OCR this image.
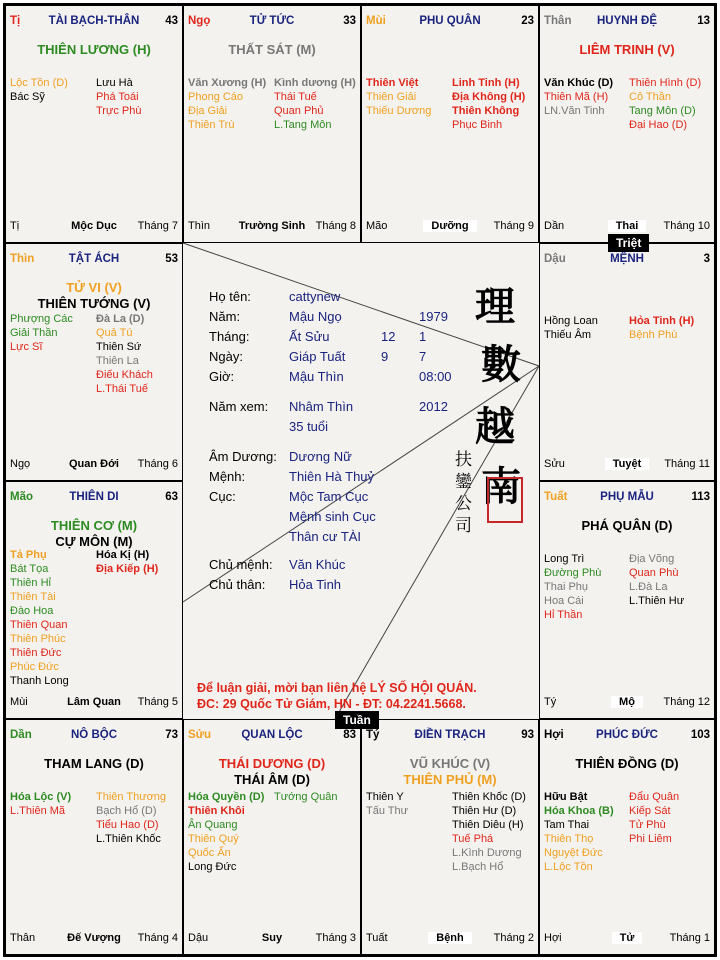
Tị	TÀI BẠCH-THÂN	43
THIÊN LƯƠNG (H)
Lộc Tồn (D)
Bác Sỹ
Lưu Hà
Phá Toái
Trực Phù
Tị	Mộc Dục	Tháng 7
Ngọ	TỬ TỨC	33
THẤT SÁT (M)
Văn Xương (H)
Phong Cáo
Địa Giải
Thiên Trù
Kình dương (H)
Thái Tuế
Quan Phủ
L.Tang Môn
Thìn	Trường Sinh Tháng 8
Mùi	PHU QUÂN	23
Thiên Việt
Thiên Giải
Thiếu Dương
Linh Tinh (H)
Địa Không (H)
Thiên Không
Phục Binh
Mão	Dưỡng	Tháng 9
Thân	HUYNH ĐỆ	13
LIÊM TRINH (V)
Văn Khúc (D)
Thiên Mã (H)
LN.Văn Tinh
Thiên Hình (D)
Cô Thần
Tang Môn (D)
Đại Hao (D)
Dần	Thai	Tháng 10
Dậu	MỆNH	3
Hồng Loan
Thiếu Âm
Hỏa Tinh (H)
Bệnh Phù
Sửu	Tuyệt	Tháng 11
Tuất	PHỤ MẪU	113
PHÁ QUÂN (D)
Long Trì
Đường Phù
Thai Phụ
Hoa Cái
Hỉ Thần
Địa Võng
Quan Phù
L.Đà La
L.Thiên Hư
Tý	Mộ	Tháng 12
Hợi	PHÚC ĐỨC	103
THIÊN ĐỒNG (D)
Hữu Bật
Hóa Khoa (B)
Tam Thai
Thiên Thọ
Nguyệt Đức
L.Lộc Tồn
Đẩu Quân
Kiếp Sát
Tử Phù
Phi Liêm
Hợi	Tử	Tháng 1
Tý	ĐIỀN TRẠCH	93
VŨ KHÚC (V)
THIÊN PHỦ (M)
Thiên Y
Tấu Thư
Thiên Khốc (D)
Thiên Hư (D)
Thiên Diêu (H)
Tuế Phá
L.Kình Dương
L.Bạch Hổ
Tuất	Bệnh	Tháng 2
Sửu	QUAN LỘC	83
THÁI DƯƠNG (D)
THÁI ÂM (D)
Hóa Quyền (D)
Thiên Khôi
Ân Quang
Thiên Quý
Quốc Ấn
Long Đức
Tướng Quân
Dậu	Suy	Tháng 3
Dần	NÔ BỘC	73
THAM LANG (D)
Hóa Lộc (V)
L.Thiên Mã
Thiên Thương
Bạch Hổ (D)
Tiểu Hao (D)
L.Thiên Khốc
Thân	Đế Vượng	Tháng 4
Mão	THIÊN DI	63
THIÊN CƠ (M)
CỰ MÔN (M)
Tả Phụ
Bát Tọa
Thiên Hỉ
Thiên Tài
Đào Hoa
Thiên Quan
Thiên Phúc
Thiên Đức
Phúc Đức
Thanh Long
Hóa Kị (H)
Địa Kiếp (H)
Mùi	Lâm Quan	Tháng 5
Thìn	TẬT ÁCH	53
TỬ VI (V)
THIÊN TƯỚNG (V)
Phượng Các
Giải Thần
Lực Sĩ
Đà La (D)
Quả Tú
Thiên Sứ
Thiên La
Điếu Khách
L.Thái Tuế
Ngọ	Quan Đới	Tháng 6
Họ tên:	cattynew
Năm:	Mậu Ngọ	1979
Tháng:	Ất Sửu	12 1
Ngày:	Giáp Tuất	9 7
Giờ:	Mậu Thìn	08:00
Năm xem: Nhâm Thìn	2012
35 tuổi
Âm Dương: Dương Nữ
Mệnh:	Thiên Hà Thuỷ
Cục:	Mộc Tam Cục
Mệnh sinh Cục
Thân cư TÀI
Chủ mệnh: Văn Khúc
Chủ thân: Hỏa Tinh
理
數
越
南
扶
鑾
公
司
Để luận giải, mời bạn liên hệ LÝ SỐ HỘI QUÁN.
ĐC: 29 Quốc Tử Giám, HN - ĐT: 04.2241.5668.
Triệt
Tuần
